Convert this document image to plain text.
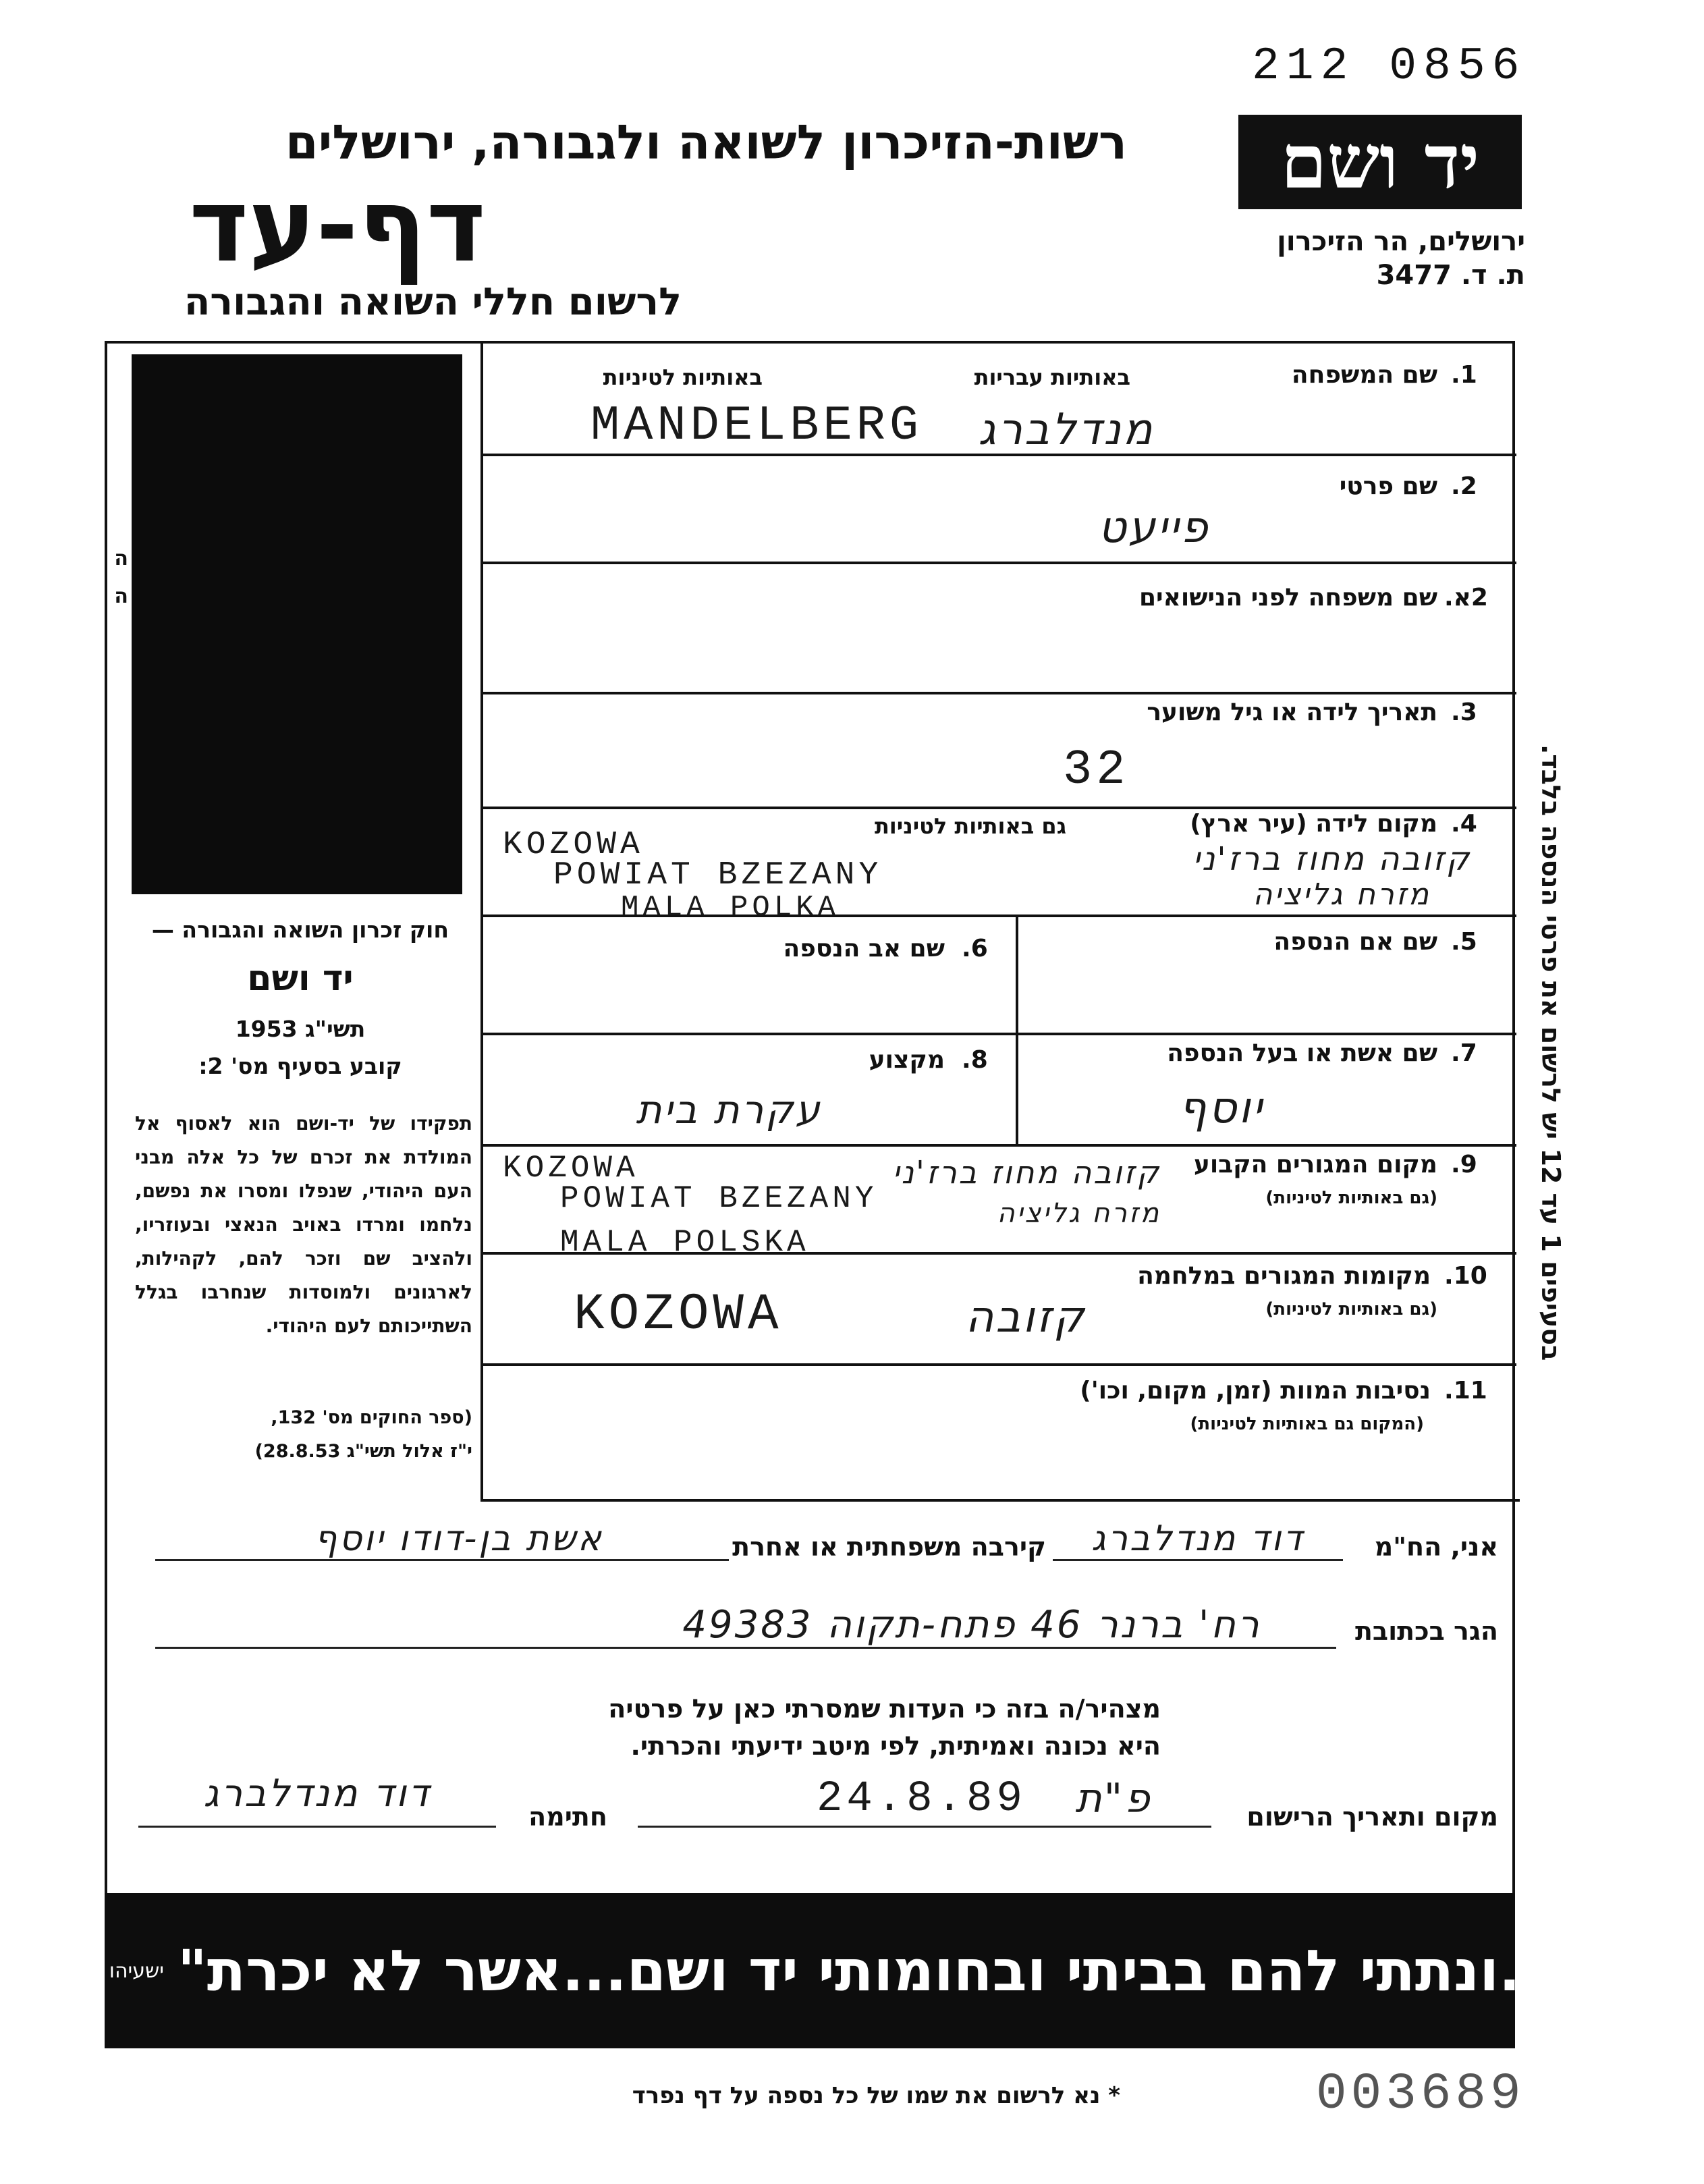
212 0856
רשות-הזיכרון לשואה ולגבורה, ירושלים
דף-עד
לרשום חללי השואה והגבורה
יד ושם
ירושלים, הר הזיכרון
ת. ד. 3477
ה ה
חוק זכרון השואה והגבורה —
יד ושם
תשי"ג 1953
קובע בסעיף מס' 2:
תפקידו של יד-ושם הוא לאסוף אל המולדת את זכרם של כל אלה מבני העם היהודי, שנפלו ומסרו את נפשם, נלחמו ומרדו באויב הנאצי ובעוזריו, ולהציב שם וזכר להם, לקהילות, לארגונים ולמוסדות שנחרבו בגלל השתייכותם לעם היהודי.
(ספר החוקים מס' 132,
י"ז אלול תשי"ג 28.8.53)
1.
שם המשפחה
באותיות עבריות
באותיות לטיניות
MANDELBERG	מנדלברג
2.
שם פרטי
פייעט
2א.
שם משפחה לפני הנישואים
3.
תאריך לידה או גיל משוער
32
4.
מקום לידה (עיר ארץ)
גם באותיות לטיניות
KOZOWA
POWIAT BZEZANY
MALA POLKA
קזובה מחוז ברז'ני
מזרח גליציה
5.
שם אם הנספה
6.
שם אב הנספה
7.
שם אשת או בעל הנספה
יוסף
8.
מקצוע
עקרת בית
9.
מקום המגורים הקבוע
(גם באותיות לטיניות)
KOZOWA
POWIAT BZEZANY
MALA POLSKA
קזובה מחוז ברז'ני
מזרח גליציה
10.
מקומות המגורים במלחמה
(גם באותיות לטיניות)
KOZOWA	קזובה
11.
נסיבות המוות (זמן, מקום, וכו')
(המקום גם באותיות לטיניות)
בסעיפים 1 עד 12 יש לרשום את פרטי הנספה בלבד.
אני, הח"מ
דוד מנדלברג
קירבה משפחתית או אחרת
אשת בן-דודו יוסף
הגר בכתובת
רח' ברנר 46 פתח-תקוה 49383
מצהיר/ה בזה כי העדות שמסרתי כאן על פרטיה
היא נכונה ואמיתית, לפי מיטב ידיעתי והכרתי.
מקום ותאריך הרישום
פ"ת
24.8.89
חתימה
דוד מנדלברג
"..ונתתי להם בביתי ובחומותי יד ושם...אשר לא יכרת"
ישעיהו נ"ו, ה'
* נא לרשום את שמו של כל נספה על דף נפרד	003689
